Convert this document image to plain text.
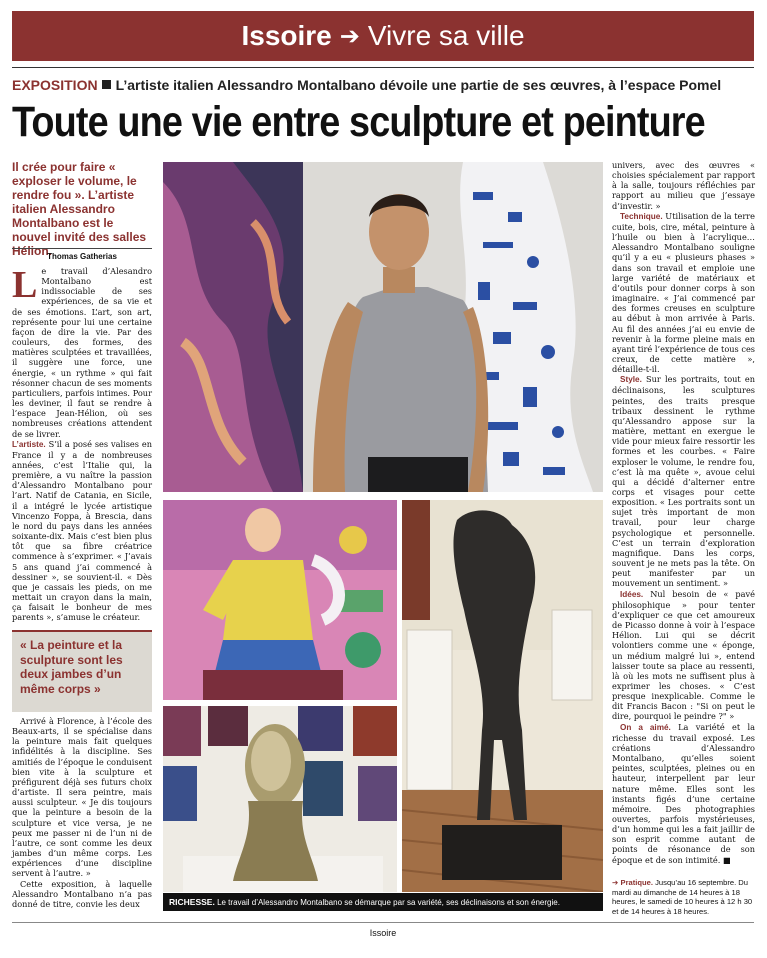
Issoire ➔ Vivre sa ville
EXPOSITION L’artiste italien Alessandro Montalbano dévoile une partie de ses œuvres, à l’espace Pomel
Toute une vie entre sculpture et peinture
Il crée pour faire « exploser le volume, le rendre fou ». L’artiste italien Alessandro Montalbano est le nouvel invité des salles Hélion.
Thomas Gatherias

Le travail d’Alesandro Montalbano est indissociable de ses expériences, de sa vie et de ses émotions. L’art, son art, représente pour lui une certaine façon de dire la vie. Par des couleurs, des formes, des matières sculptées et travaillées, il suggère une force, une énergie, « un rythme » qui fait résonner chacun de ses moments particuliers, parfois intimes. Pour les deviner, il faut se rendre à l’espace Jean-Hélion, où ses nombreuses créations attendent de se livrer.

L’artiste. S’il a posé ses valises en France il y a de nombreuses années, c’est l’Italie qui, la première, a vu naître la passion d’Alessandro Montalbano pour l’art. Natif de Catania, en Sicile, il a intégré le lycée artistique Vincenzo Foppa, à Brescia, dans le nord du pays dans les années soixante-dix. Mais c’est bien plus tôt que sa fibre créatrice commence à s’exprimer. « J’avais 5 ans quand j’ai commencé à dessiner », se souvient-il. « Dès que je cassais les pieds, on me mettait un crayon dans la main, ça faisait le bonheur de mes parents », s’amuse le créateur.

« La peinture et la sculpture sont les deux jambes d’un même corps »

Arrivé à Florence, à l’école des Beaux-arts, il se spécialise dans la peinture mais fait quelques infidélités à la discipline. Ses amitiés de l’époque le conduisent bien vite à la sculpture et préfigurent déjà ses futurs choix d’artiste. Il sera peintre, mais aussi sculpteur. « Je dis toujours que la peinture a besoin de la sculpture et vice versa, je ne peux me passer ni de l’un ni de l’autre, ce sont comme les deux jambes d’un même corps. Les expériences d’une discipline servent à l’autre. »

Cette exposition, à laquelle Alessandro Montalbano n’a pas donné de titre, convie les deux	RICHESSE. Le travail d’Alessandro Montalbano se démarque par sa variété, ses déclinaisons et son énergie.

univers, avec des œuvres « choisies spécialement par rapport à la salle, toujours réfléchies par rapport au milieu que j’essaye d’investir. »

Technique. Utilisation de la terre cuite, bois, cire, métal, peinture à l’huile ou bien à l’acrylique… Alessandro Montalbano souligne qu’il y a eu « plusieurs phases » dans son travail et emploie une large variété de matériaux et d’outils pour donner corps à son imaginaire. « J’ai commencé par des formes creuses en sculpture au début à mon arrivée à Paris. Au fil des années j’ai eu envie de revenir à la forme pleine mais en ayant tiré l’expérience de tous ces creux, de cette matière », détaille-t-il.

Style. Sur les portraits, tout en déclinaisons, les sculptures peintes, des traits presque tribaux dessinent le rythme qu’Alessandro appose sur la matière, mettant en exergue le vide pour mieux faire ressortir les formes et les courbes. « Faire exploser le volume, le rendre fou, c’est là ma quête », avoue celui qui a décidé d’alterner entre corps et visages pour cette exposition. « Les portraits sont un sujet très important de mon travail, pour leur charge psychologique et personnelle. C’est un terrain d’exploration magnifique. Dans les corps, souvent je ne mets pas la tête. On peut manifester par un mouvement un sentiment. »

Idées. Nul besoin de « pavé philosophique » pour tenter d’expliquer ce que cet amoureux de Picasso donne à voir à l’espace Hélion. Lui qui se décrit volontiers comme une « éponge, un médium malgré lui », entend laisser toute sa place au ressenti, là où les mots ne suffisent plus à exprimer les choses. « C’est presque inexplicable. Comme le dit Francis Bacon : "Si on peut le dire, pourquoi le peindre ?" »

On a aimé. La variété et la richesse du travail exposé. Les créations d’Alessandro Montalbano, qu’elles soient peintes, sculptées, pleines ou en hauteur, interpellent par leur nature même. Elles sont les instants figés d’une certaine mémoire. Des photographies ouvertes, parfois mystérieuses, d’un homme qui les a fait jaillir de son esprit comme autant de points de résonance de son époque et de son intimité. ■

➔ Pratique. Jusqu’au 16 septembre. Du mardi au dimanche de 14 heures à 18 heures, le samedi de 10 heures à 12 h 30 et de 14 heures à 18 heures.
Issoire
